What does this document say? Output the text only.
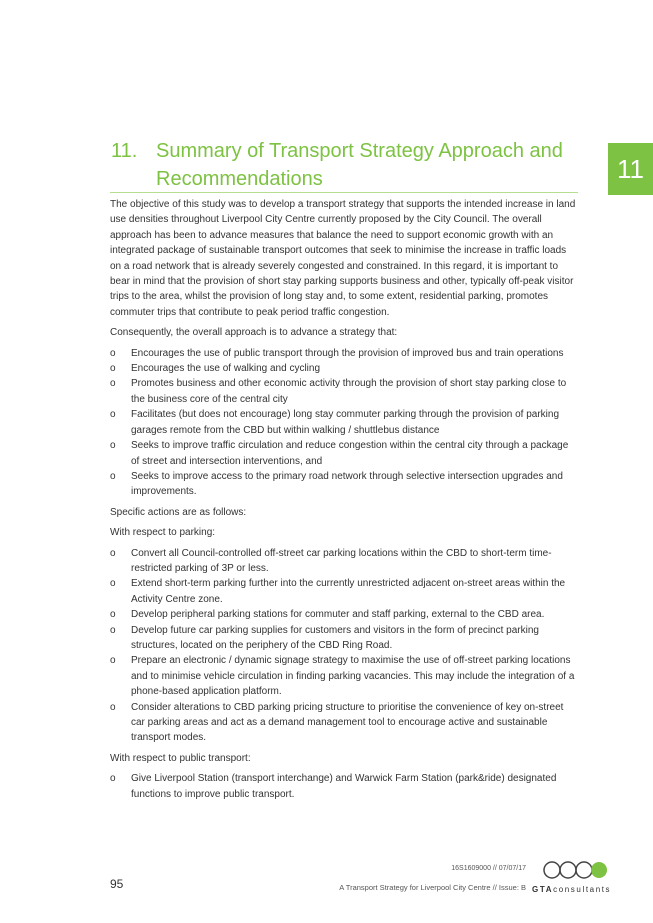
11
11. Summary of Transport Strategy Approach and Recommendations

The objective of this study was to develop a transport strategy that supports the intended increase in land use densities throughout Liverpool City Centre currently proposed by the City Council. The overall approach has been to advance measures that balance the need to support economic growth with an integrated package of sustainable transport outcomes that seek to minimise the increase in traffic loads on a road network that is already severely congested and constrained. In this regard, it is important to bear in mind that the provision of short stay parking supports business and other, typically off-peak visitor trips to the area, whilst the provision of long stay and, to some extent, residential parking, promotes commuter trips that contribute to peak period traffic congestion.

Consequently, the overall approach is to advance a strategy that:

o Encourages the use of public transport through the provision of improved bus and train operations
o Encourages the use of walking and cycling
o Promotes business and other economic activity through the provision of short stay parking close to the business core of the central city
o Facilitates (but does not encourage) long stay commuter parking through the provision of parking garages remote from the CBD but within walking / shuttlebus distance
o Seeks to improve traffic circulation and reduce congestion within the central city through a package of street and intersection interventions, and
o Seeks to improve access to the primary road network through selective intersection upgrades and improvements.

Specific actions are as follows:

With respect to parking:

o Convert all Council-controlled off-street car parking locations within the CBD to short-term time-restricted parking of 3P or less.
o Extend short-term parking further into the currently unrestricted adjacent on-street areas within the Activity Centre zone.
o Develop peripheral parking stations for commuter and staff parking, external to the CBD area.
o Develop future car parking supplies for customers and visitors in the form of precinct parking structures, located on the periphery of the CBD Ring Road.
o Prepare an electronic / dynamic signage strategy to maximise the use of off-street parking locations and to minimise vehicle circulation in finding parking vacancies. This may include the integration of a phone-based application platform.
o Consider alterations to CBD parking pricing structure to prioritise the convenience of key on-street car parking areas and act as a demand management tool to encourage active and sustainable transport modes.

With respect to public transport:

o Give Liverpool Station (transport interchange) and Warwick Farm Station (park&ride) designated functions to improve public transport.
95
16S1609000 // 07/07/17
A Transport Strategy for Liverpool City Centre // Issue: B GTAconsultants
